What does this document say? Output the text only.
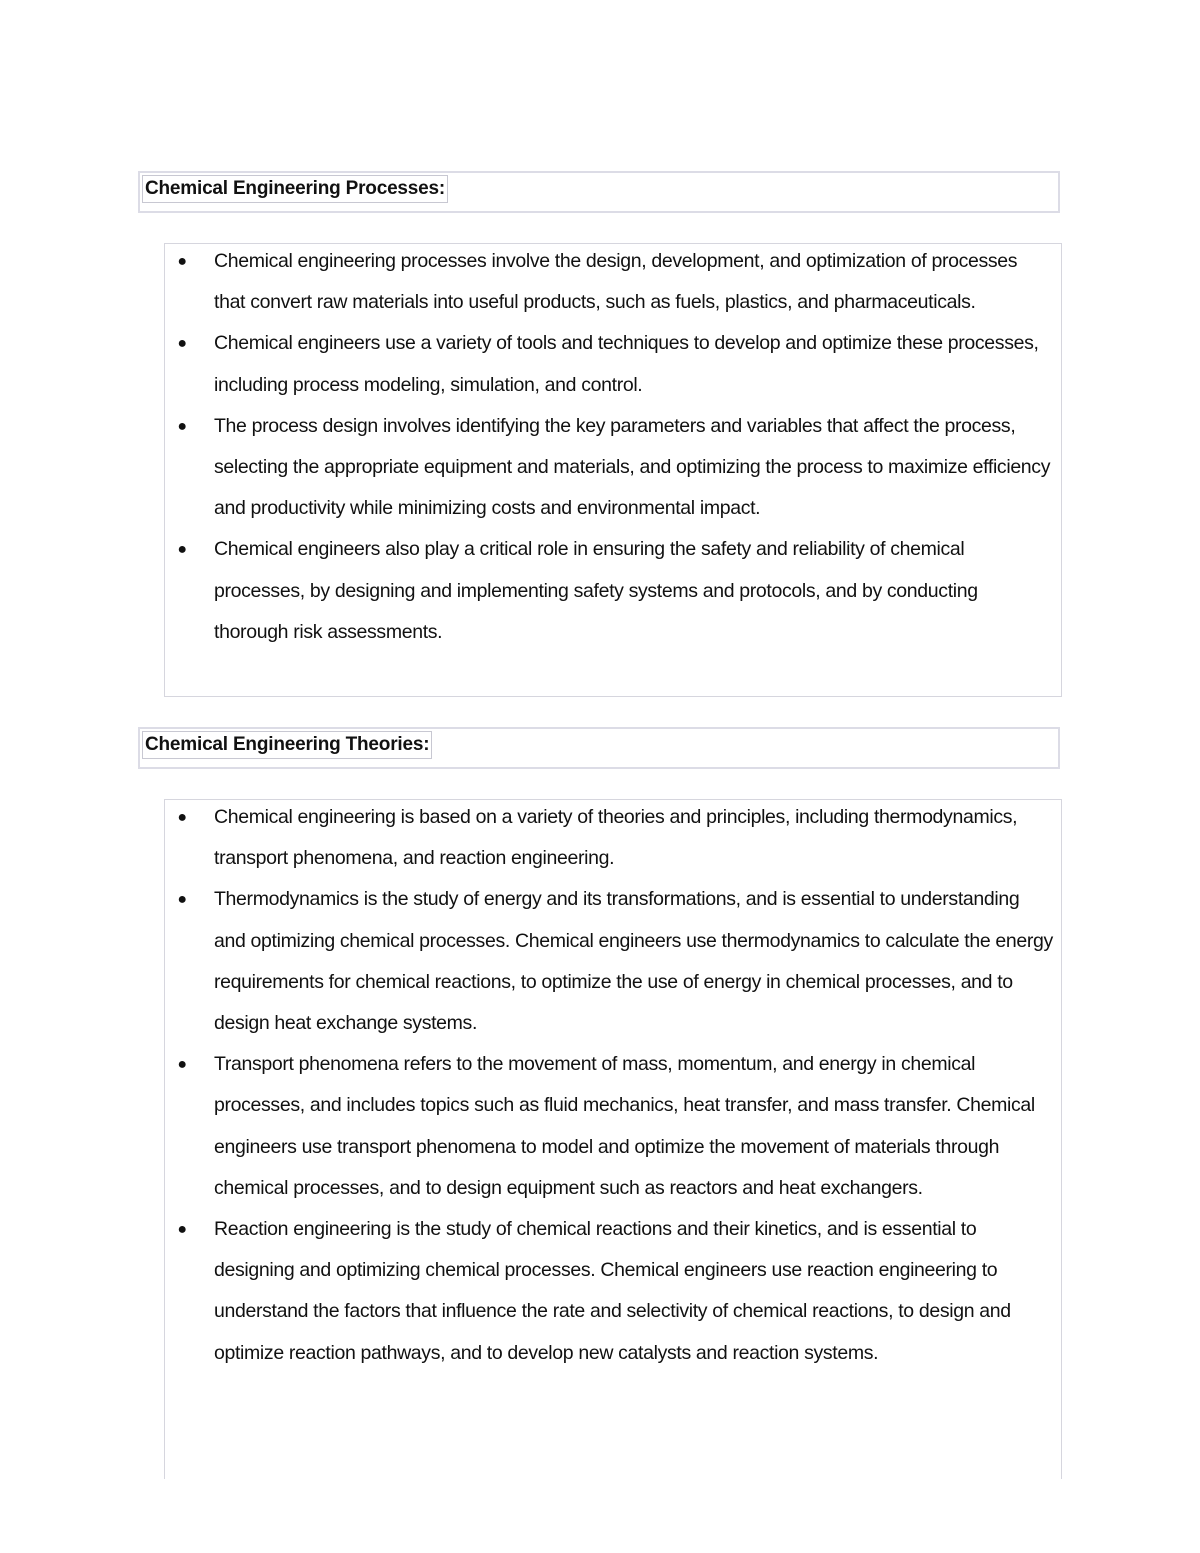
Chemical Engineering Processes:
● Chemical engineering processes involve the design, development, and optimization of processes that convert raw materials into useful products, such as fuels, plastics, and pharmaceuticals.
● Chemical engineers use a variety of tools and techniques to develop and optimize these processes, including process modeling, simulation, and control.
● The process design involves identifying the key parameters and variables that affect the process, selecting the appropriate equipment and materials, and optimizing the process to maximize efficiency and productivity while minimizing costs and environmental impact.
● Chemical engineers also play a critical role in ensuring the safety and reliability of chemical processes, by designing and implementing safety systems and protocols, and by conducting thorough risk assessments.
Chemical Engineering Theories:
● Chemical engineering is based on a variety of theories and principles, including thermodynamics, transport phenomena, and reaction engineering.
● Thermodynamics is the study of energy and its transformations, and is essential to understanding and optimizing chemical processes. Chemical engineers use thermodynamics to calculate the energy requirements for chemical reactions, to optimize the use of energy in chemical processes, and to design heat exchange systems.
● Transport phenomena refers to the movement of mass, momentum, and energy in chemical processes, and includes topics such as fluid mechanics, heat transfer, and mass transfer. Chemical engineers use transport phenomena to model and optimize the movement of materials through chemical processes, and to design equipment such as reactors and heat exchangers.
● Reaction engineering is the study of chemical reactions and their kinetics, and is essential to designing and optimizing chemical processes. Chemical engineers use reaction engineering to understand the factors that influence the rate and selectivity of chemical reactions, to design and optimize reaction pathways, and to develop new catalysts and reaction systems.
